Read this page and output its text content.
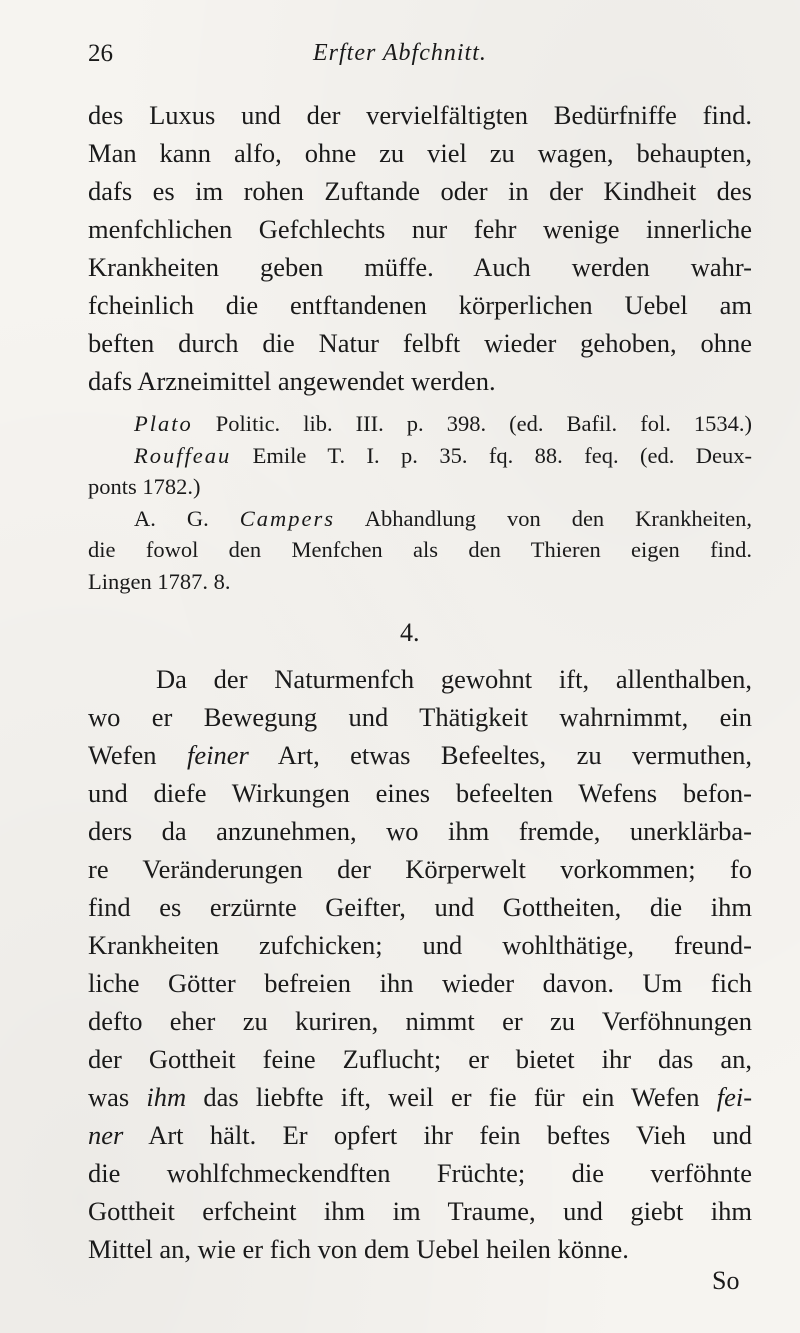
26	Erfter Abfchnitt.
des Luxus und der vervielfältigten Bedürfniffe find.
Man kann alfo, ohne zu viel zu wagen, behaupten,
dafs es im rohen Zuftande oder in der Kindheit des
menfchlichen Gefchlechts nur fehr wenige innerliche
Krankheiten geben müffe. Auch werden wahr-
fcheinlich die entftandenen körperlichen Uebel am
beften durch die Natur felbft wieder gehoben, ohne
dafs Arzneimittel angewendet werden.
Plato Politic. lib. III. p. 398. (ed. Bafil. fol. 1534.)
Rouffeau Emile T. I. p. 35. fq. 88. feq. (ed. Deux-
ponts 1782.)
A. G. Campers Abhandlung von den Krankheiten,
die fowol den Menfchen als den Thieren eigen find.
Lingen 1787. 8.
4.
Da der Naturmenfch gewohnt ift, allenthalben,
wo er Bewegung und Thätigkeit wahrnimmt, ein
Wefen feiner Art, etwas Befeeltes, zu vermuthen,
und diefe Wirkungen eines befeelten Wefens befon-
ders da anzunehmen, wo ihm fremde, unerklärba-
re Veränderungen der Körperwelt vorkommen; fo
find es erzürnte Geifter, und Gottheiten, die ihm
Krankheiten zufchicken; und wohlthätige, freund-
liche Götter befreien ihn wieder davon. Um fich
defto eher zu kuriren, nimmt er zu Verföhnungen
der Gottheit feine Zuflucht; er bietet ihr das an,
was ihm das liebfte ift, weil er fie für ein Wefen fei-
ner Art hält. Er opfert ihr fein beftes Vieh und
die wohlfchmeckendften Früchte; die verföhnte
Gottheit erfcheint ihm im Traume, und giebt ihm
Mittel an, wie er fich von dem Uebel heilen könne.
So
